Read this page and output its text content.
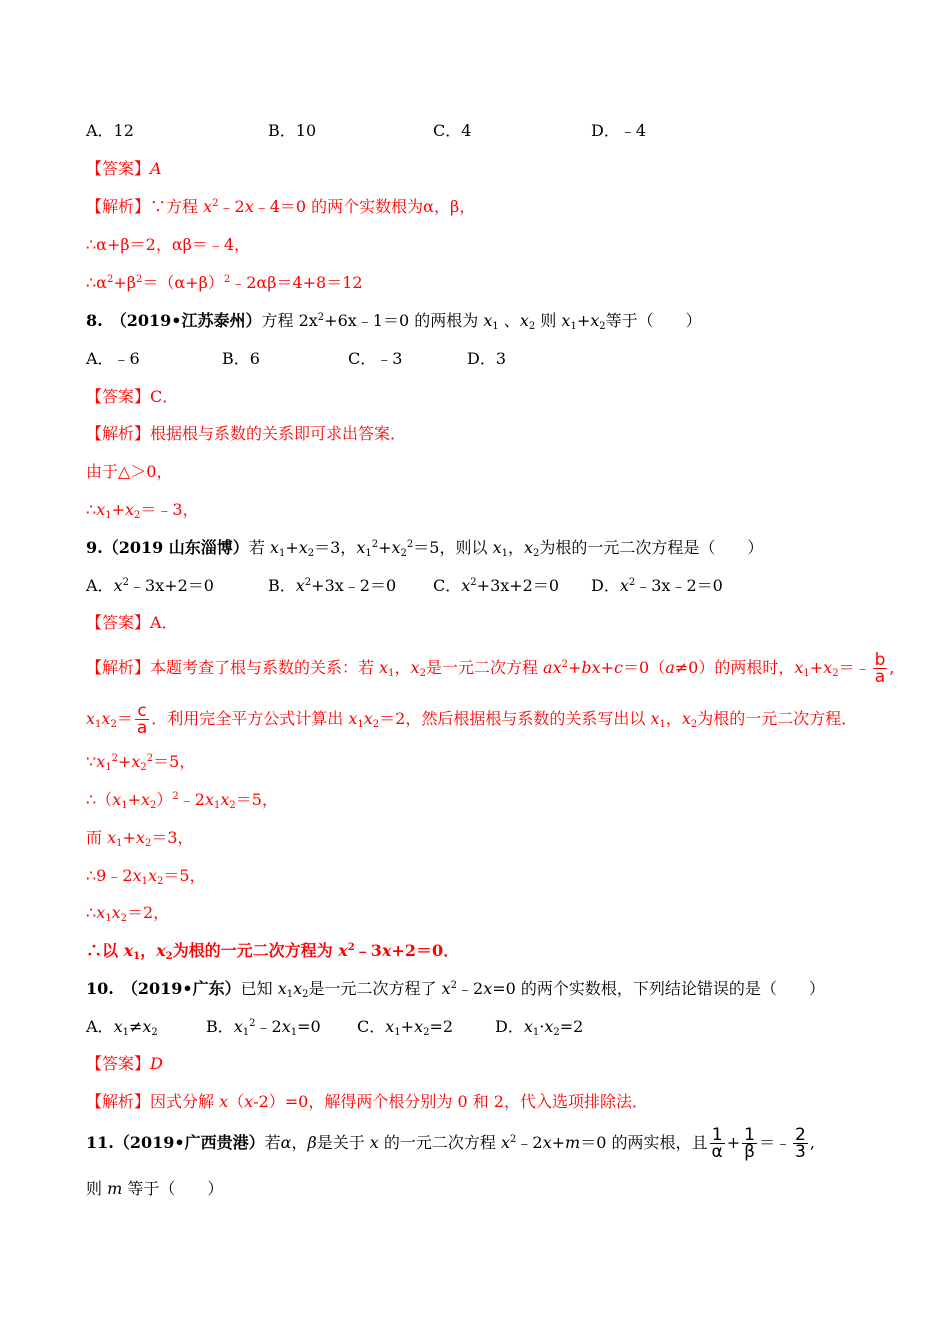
A．12	B．10	C．4	D．﹣4
【答案】A
【解析】∵方程 $x^2﹣2x﹣4=0$ 的两个实数根为α，β，
∴α+β＝2，αβ＝﹣4，
$\therefore\alpha^2+\beta^2=(\alpha+\beta)^2﹣2\alpha\beta=4+8=12$
8.　（2019•江苏泰州）方程 $2x^2+6x﹣1=0$ 的两根为 $x_1$ 、$x_2$ 则 $x_1+x_2$等于（　　）
A．﹣6	B．6	C．﹣3	D．3
【答案】C．
【解析】根据根与系数的关系即可求出答案．
由于△＞0，
$\therefore x_1+x_2=﹣3$，
9.（2019 山东淄博）若 $x_1+x_2=3$，$x_1^2+x_2^2=5$，则以 $x_1$，$x_2$为根的一元二次方程是（　　）
A．$x^2﹣3x+2=0$	B．$x^2+3x﹣2=0$ C．$x^2+3x+2=0$ D．$x^2﹣3x﹣2=0$
【答案】A．
【解析】本题考查了根与系数的关系：若 $x_1$，$x_2$是一元二次方程 $ax^2+bx+c=0(a\ne 0)$的两根时，$x_1+x_2=﹣ \frac{b}{a}$ ,
$x_1x_2= \frac{c}{a}$ ．利用完全平方公式计算出 $x_1x_2=2$，然后根据根与系数的关系写出以 $x_1$，$x_2$为根的一元二次方程．
$\because x_1^2+x_2^2=5$，
$\therefore(x_1+x_2)^2﹣2x_1x_2=5$，
而 $x_1+x_2=3$，
$\therefore 9﹣2x_1x_2=5$，
$\therefore x_1x_2=2$，
∴以 $x_1$，$x_2$为根的一元二次方程为 $x^2﹣3x+2=0$．
10.　（2019•广东）已知 $x_1x_2$是一元二次方程了 $x^2﹣2x=0$ 的两个实数根，下列结论错误的是（　　）
A．$x_1\ne x_2$	B．$x_1^2﹣2x_1=0$ C．$x_1+x_2=2$	D．$x_1\cdot x_2=2$
【答案】D
【解析】因式分解 x（x-2）=0，解得两个根分别为 0 和 2，代入选项排除法．
11.（2019•广西贵港）若α，β是关于 x 的一元二次方程 $x^2﹣2x+m=0$ 的两实根，且 $\frac{1}{\alpha} + \frac{1}{\beta}$ ＝﹣ $\frac{2}{3}$ ,
则 m 等于（　　）
